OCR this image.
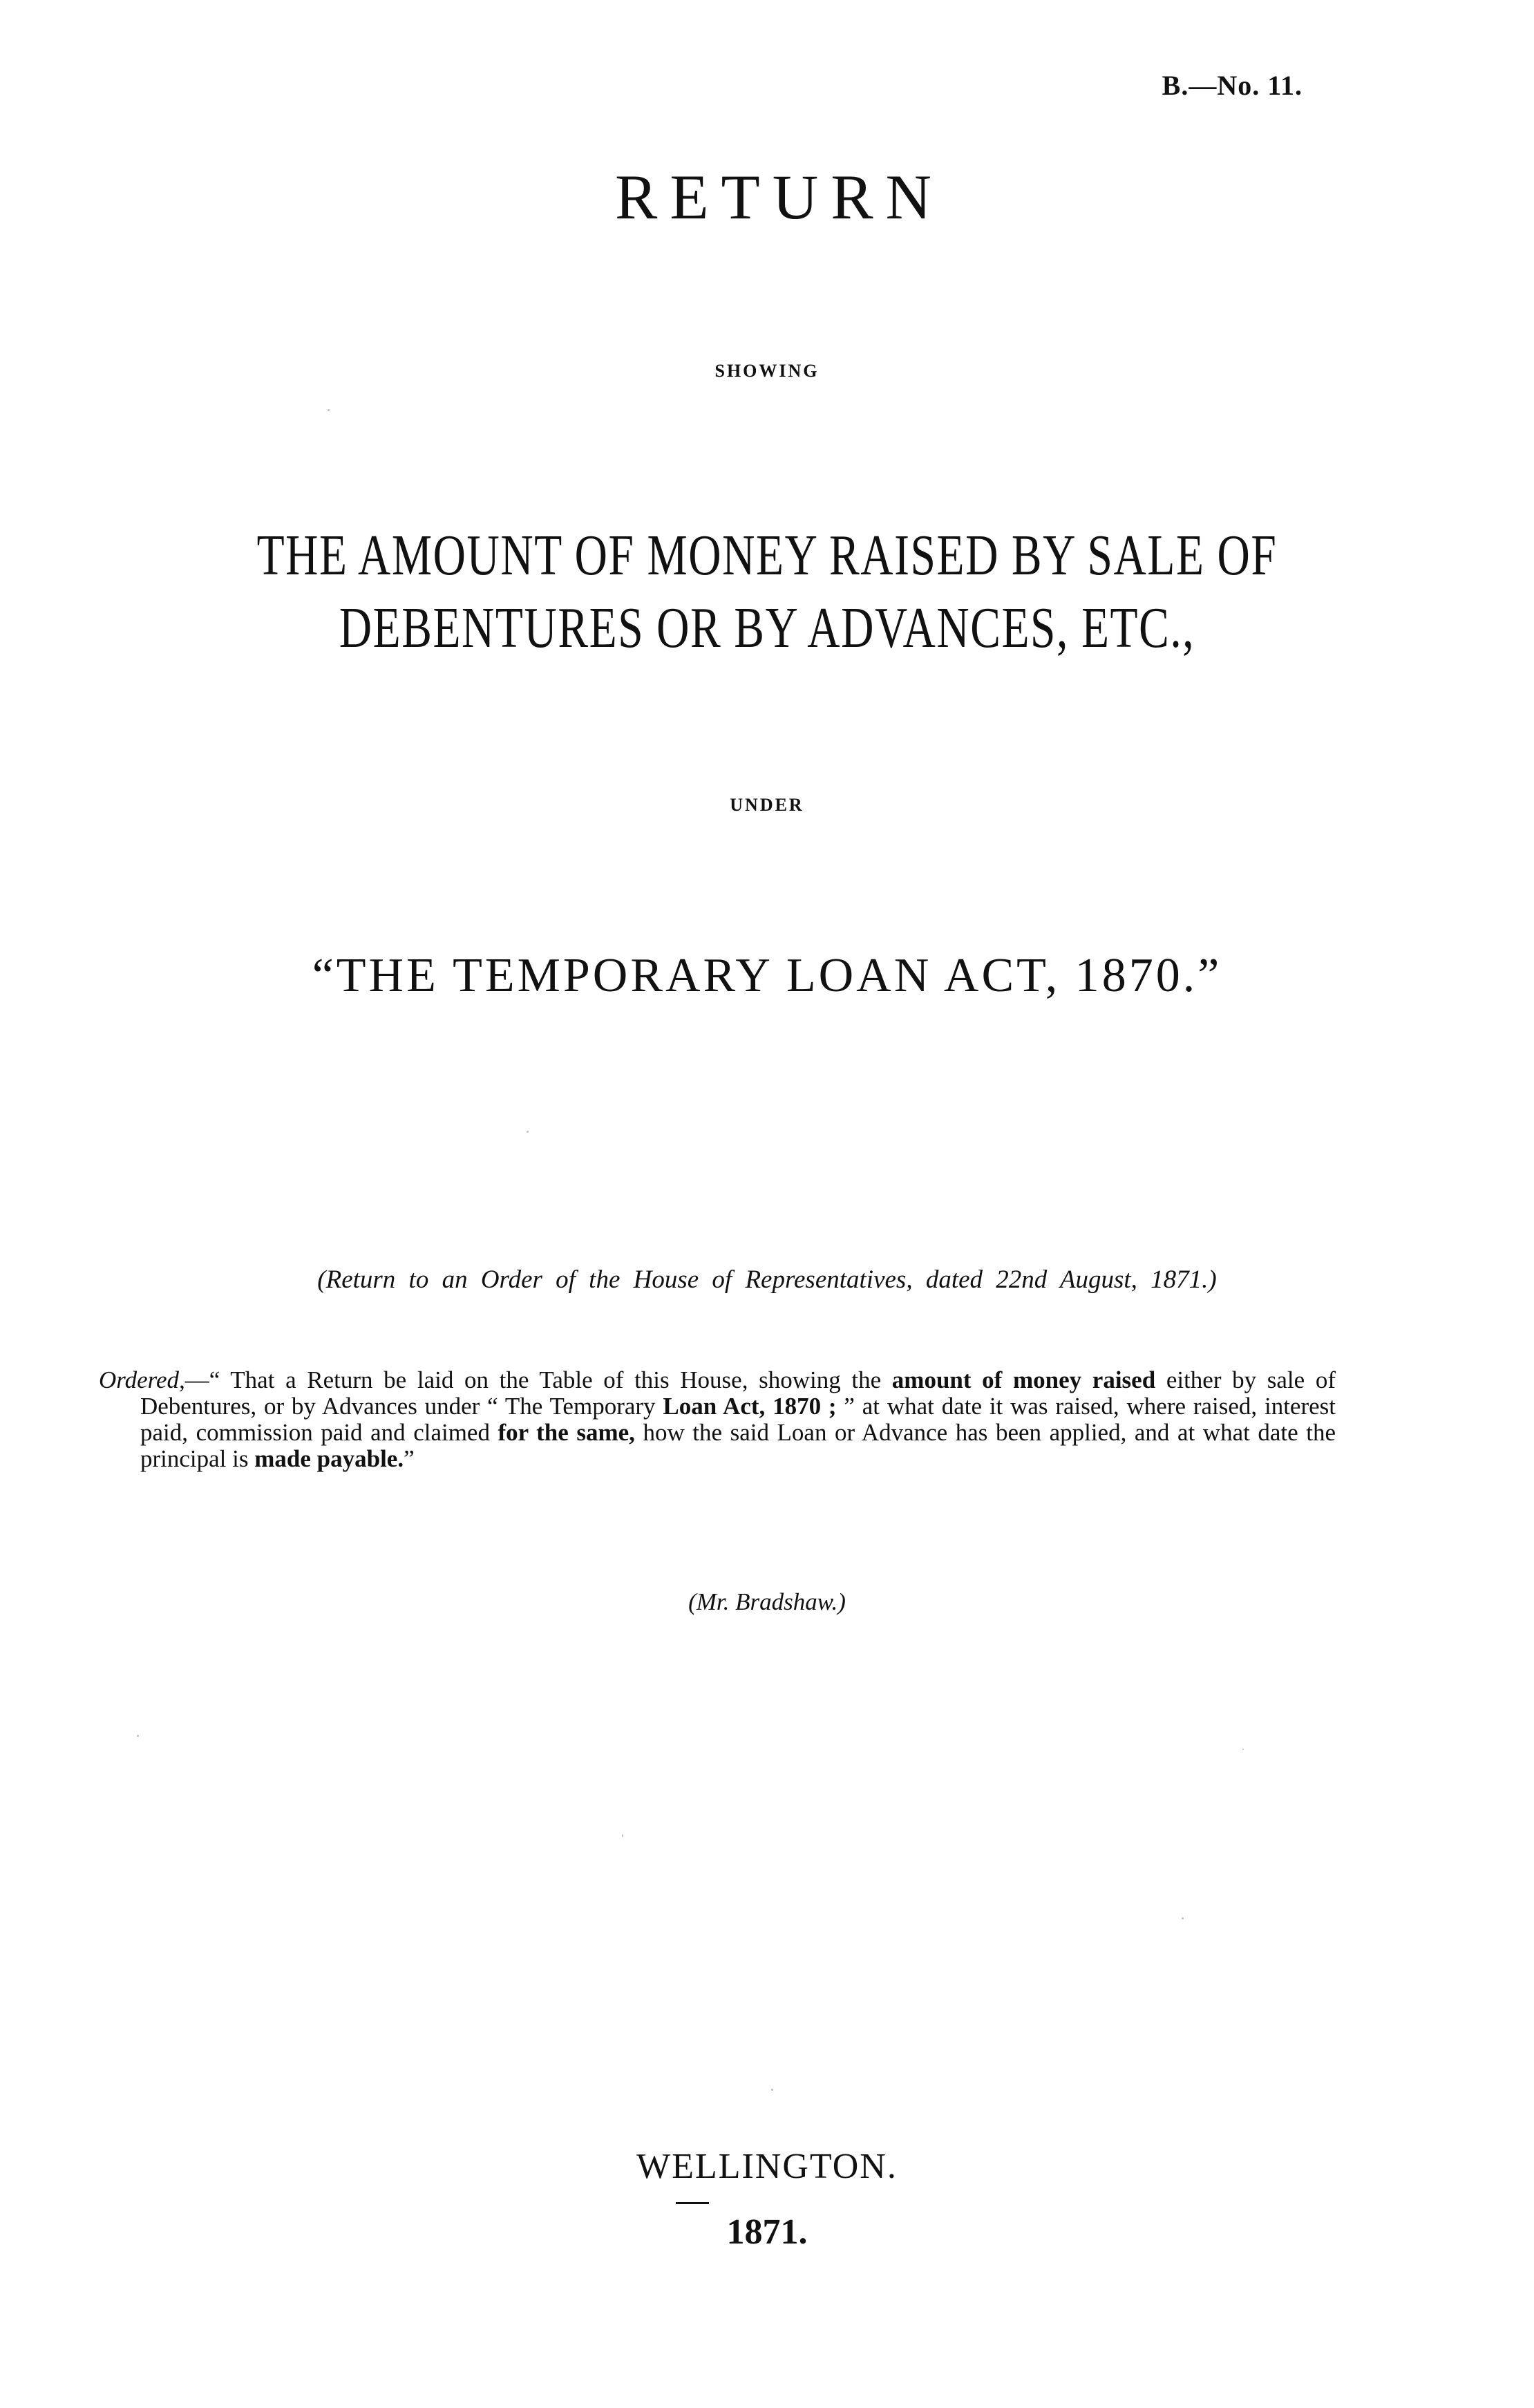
B.—No. 11.
RETURN
SHOWING
THE AMOUNT OF MONEY RAISED BY SALE OF
DEBENTURES OR BY ADVANCES, ETC.,
UNDER
“THE TEMPORARY LOAN ACT, 1870.”
(Return to an Order of the House of Representatives, dated 22nd August, 1871.)
Ordered,—“ That a Return be laid on the Table of this House, showing the amount of money raised either by sale of Debentures, or by Advances under “ The Temporary Loan Act, 1870 ; ” at what date it was raised, where raised, interest paid, commission paid and claimed for the same, how the said Loan or Advance has been applied, and at what date the principal is made payable.”
(Mr. Bradshaw.)
WELLINGTON.
1871.
